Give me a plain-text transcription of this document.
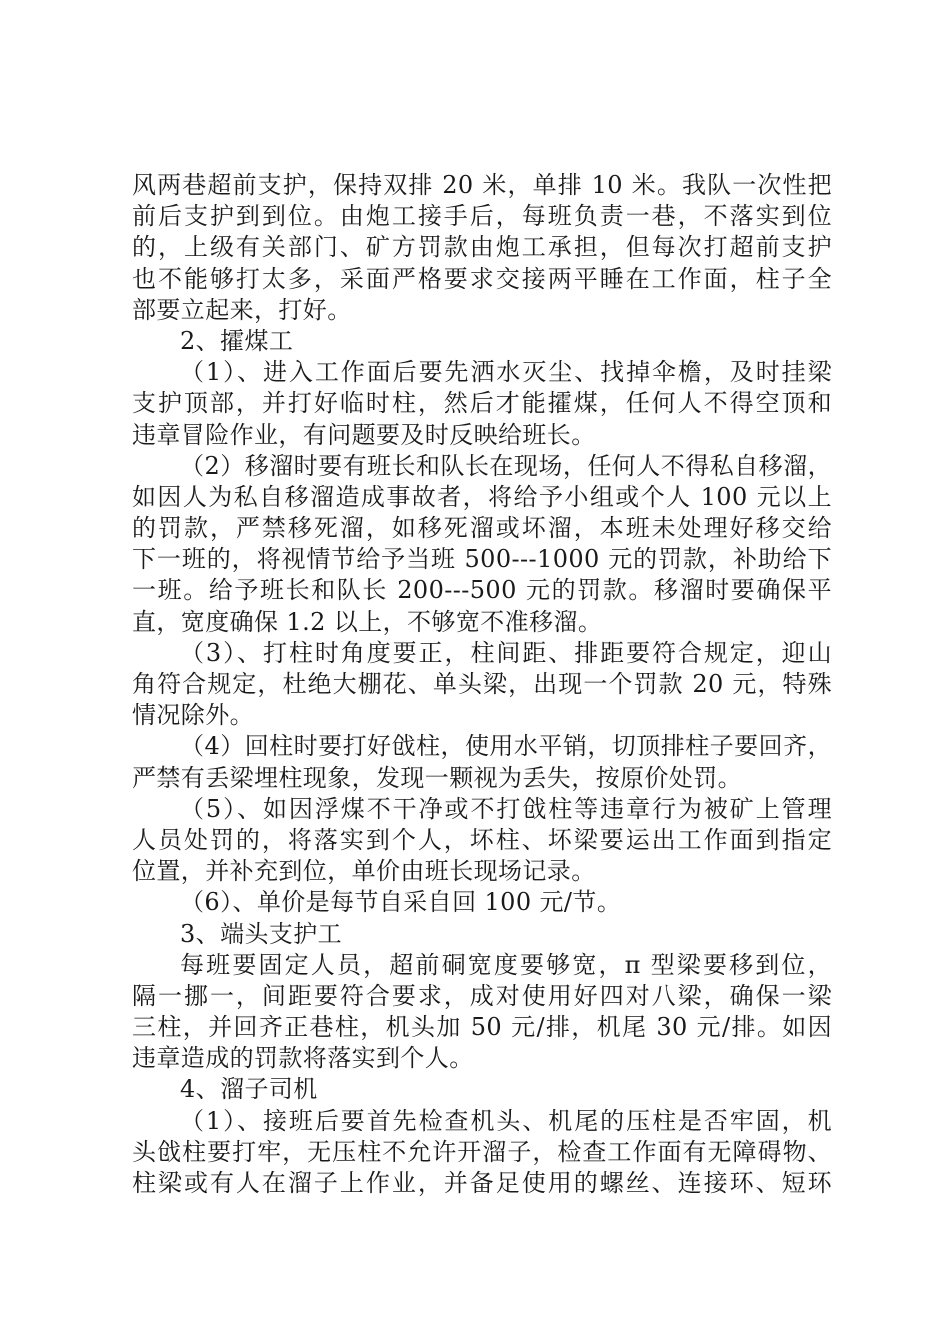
风两巷超前支护，保持双排 20 米，单排 10 米。我队一次性把
前后支护到到位。由炮工接手后，每班负责一巷，不落实到位
的，上级有关部门、矿方罚款由炮工承担，但每次打超前支护
也不能够打太多，采面严格要求交接两平睡在工作面，柱子全
部要立起来，打好。
2、攉煤工
（1）、进入工作面后要先洒水灭尘、找掉伞檐，及时挂梁
支护顶部，并打好临时柱，然后才能攉煤，任何人不得空顶和
违章冒险作业，有问题要及时反映给班长。
（2）移溜时要有班长和队长在现场，任何人不得私自移溜，
如因人为私自移溜造成事故者，将给予小组或个人 100 元以上
的罚款，严禁移死溜，如移死溜或坏溜，本班未处理好移交给
下一班的，将视情节给予当班 500---1000 元的罚款，补助给下
一班。给予班长和队长 200---500 元的罚款。移溜时要确保平
直，宽度确保 1.2 以上，不够宽不准移溜。
（3）、打柱时角度要正，柱间距、排距要符合规定，迎山
角符合规定，杜绝大棚花、单头梁，出现一个罚款 20 元，特殊
情况除外。
（4）回柱时要打好戗柱，使用水平销，切顶排柱子要回齐，
严禁有丢梁埋柱现象，发现一颗视为丢失，按原价处罚。
（5）、如因浮煤不干净或不打戗柱等违章行为被矿上管理
人员处罚的，将落实到个人，坏柱、坏梁要运出工作面到指定
位置，并补充到位，单价由班长现场记录。
（6）、单价是每节自采自回 100 元/节。
3、端头支护工
每班要固定人员，超前硐宽度要够宽，π 型梁要移到位，
隔一挪一，间距要符合要求，成对使用好四对八梁，确保一梁
三柱，并回齐正巷柱，机头加 50 元/排，机尾 30 元/排。如因
违章造成的罚款将落实到个人。
4、溜子司机
（1）、接班后要首先检查机头、机尾的压柱是否牢固，机
头戗柱要打牢，无压柱不允许开溜子，检查工作面有无障碍物、
柱梁或有人在溜子上作业，并备足使用的螺丝、连接环、短环
